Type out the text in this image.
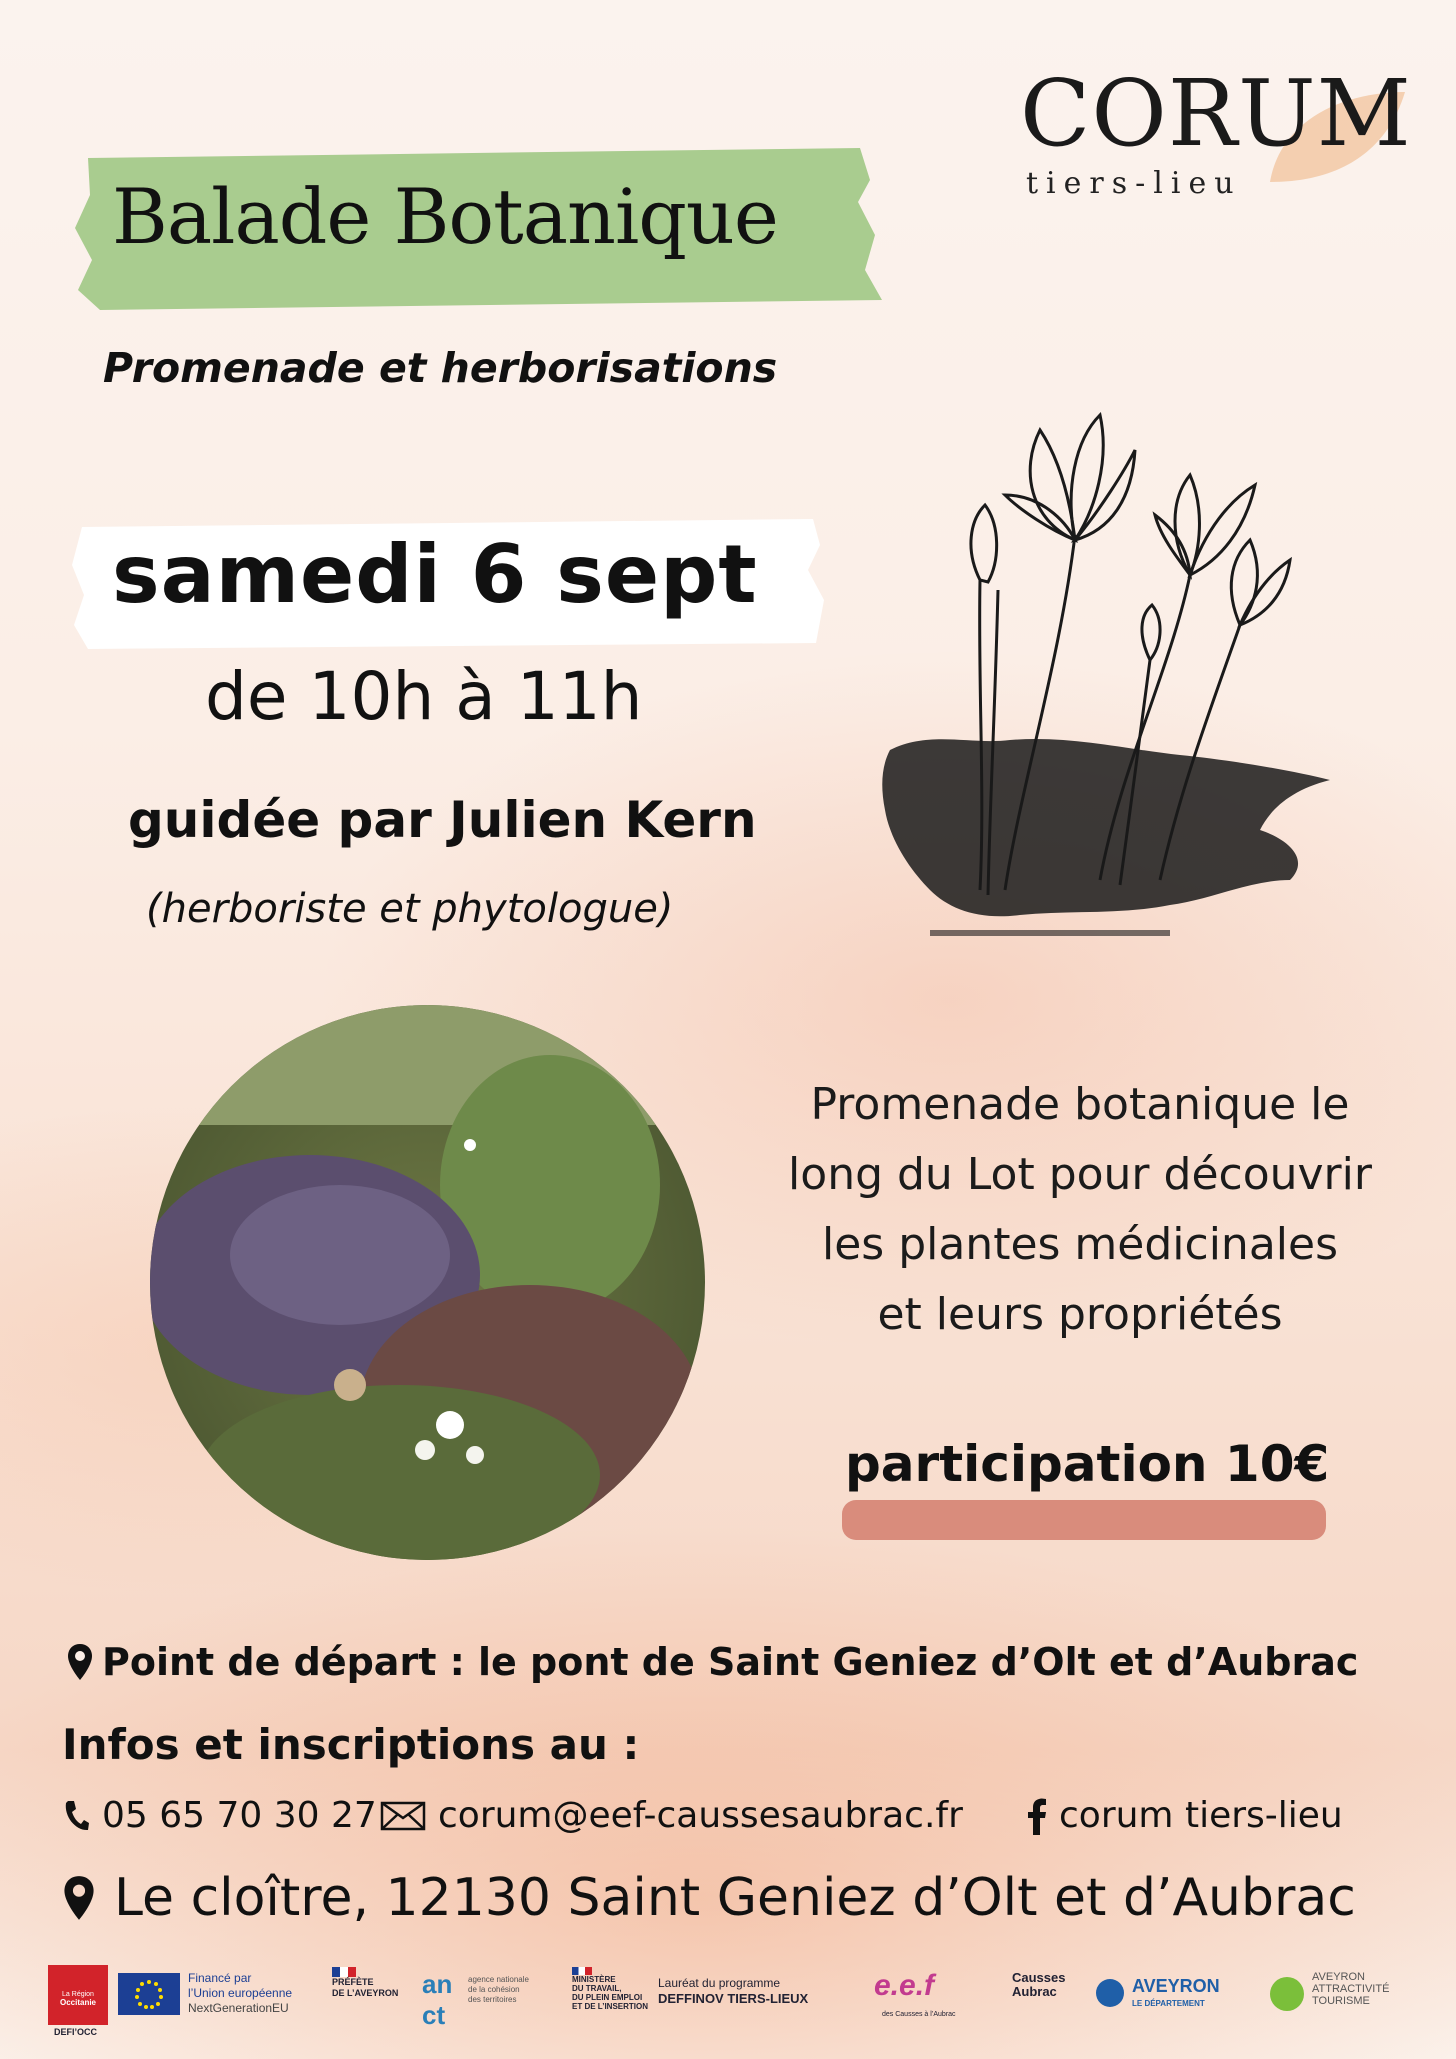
CORUM
tiers-lieu
Balade Botanique
Promenade et herborisations
samedi 6 sept
de 10h à 11h
guidée par Julien Kern
(herboriste et phytologue)
Promenade botanique le
long du Lot pour découvrir
les plantes médicinales
et leurs propriétés
participation 10€
Point de départ : le pont de Saint Geniez d’Olt et d’Aubrac
Infos et inscriptions au :
05 65 70 30 27 corum@eef-caussesaubrac.fr	corum tiers-lieu
Le cloître, 12130 Saint Geniez d’Olt et d’Aubrac
La Région
Occitanie
DEFI’OCC
Financé par
l’Union européenne
NextGenerationEU
PRÉFÈTE
DE L’AVEYRON an
ct
agence nationale
de la cohésion
des territoires
MINISTÈRE
DU TRAVAIL,
DU PLEIN EMPLOI
ET DE L’INSERTION
Lauréat du programme
DEFFINOV TIERS-LIEUX e.e.f
des Causses à l’Aubrac
Causses
Aubrac	AVEYRON
LE DÉPARTEMENT
AVEYRON
ATTRACTIVITÉ
TOURISME
